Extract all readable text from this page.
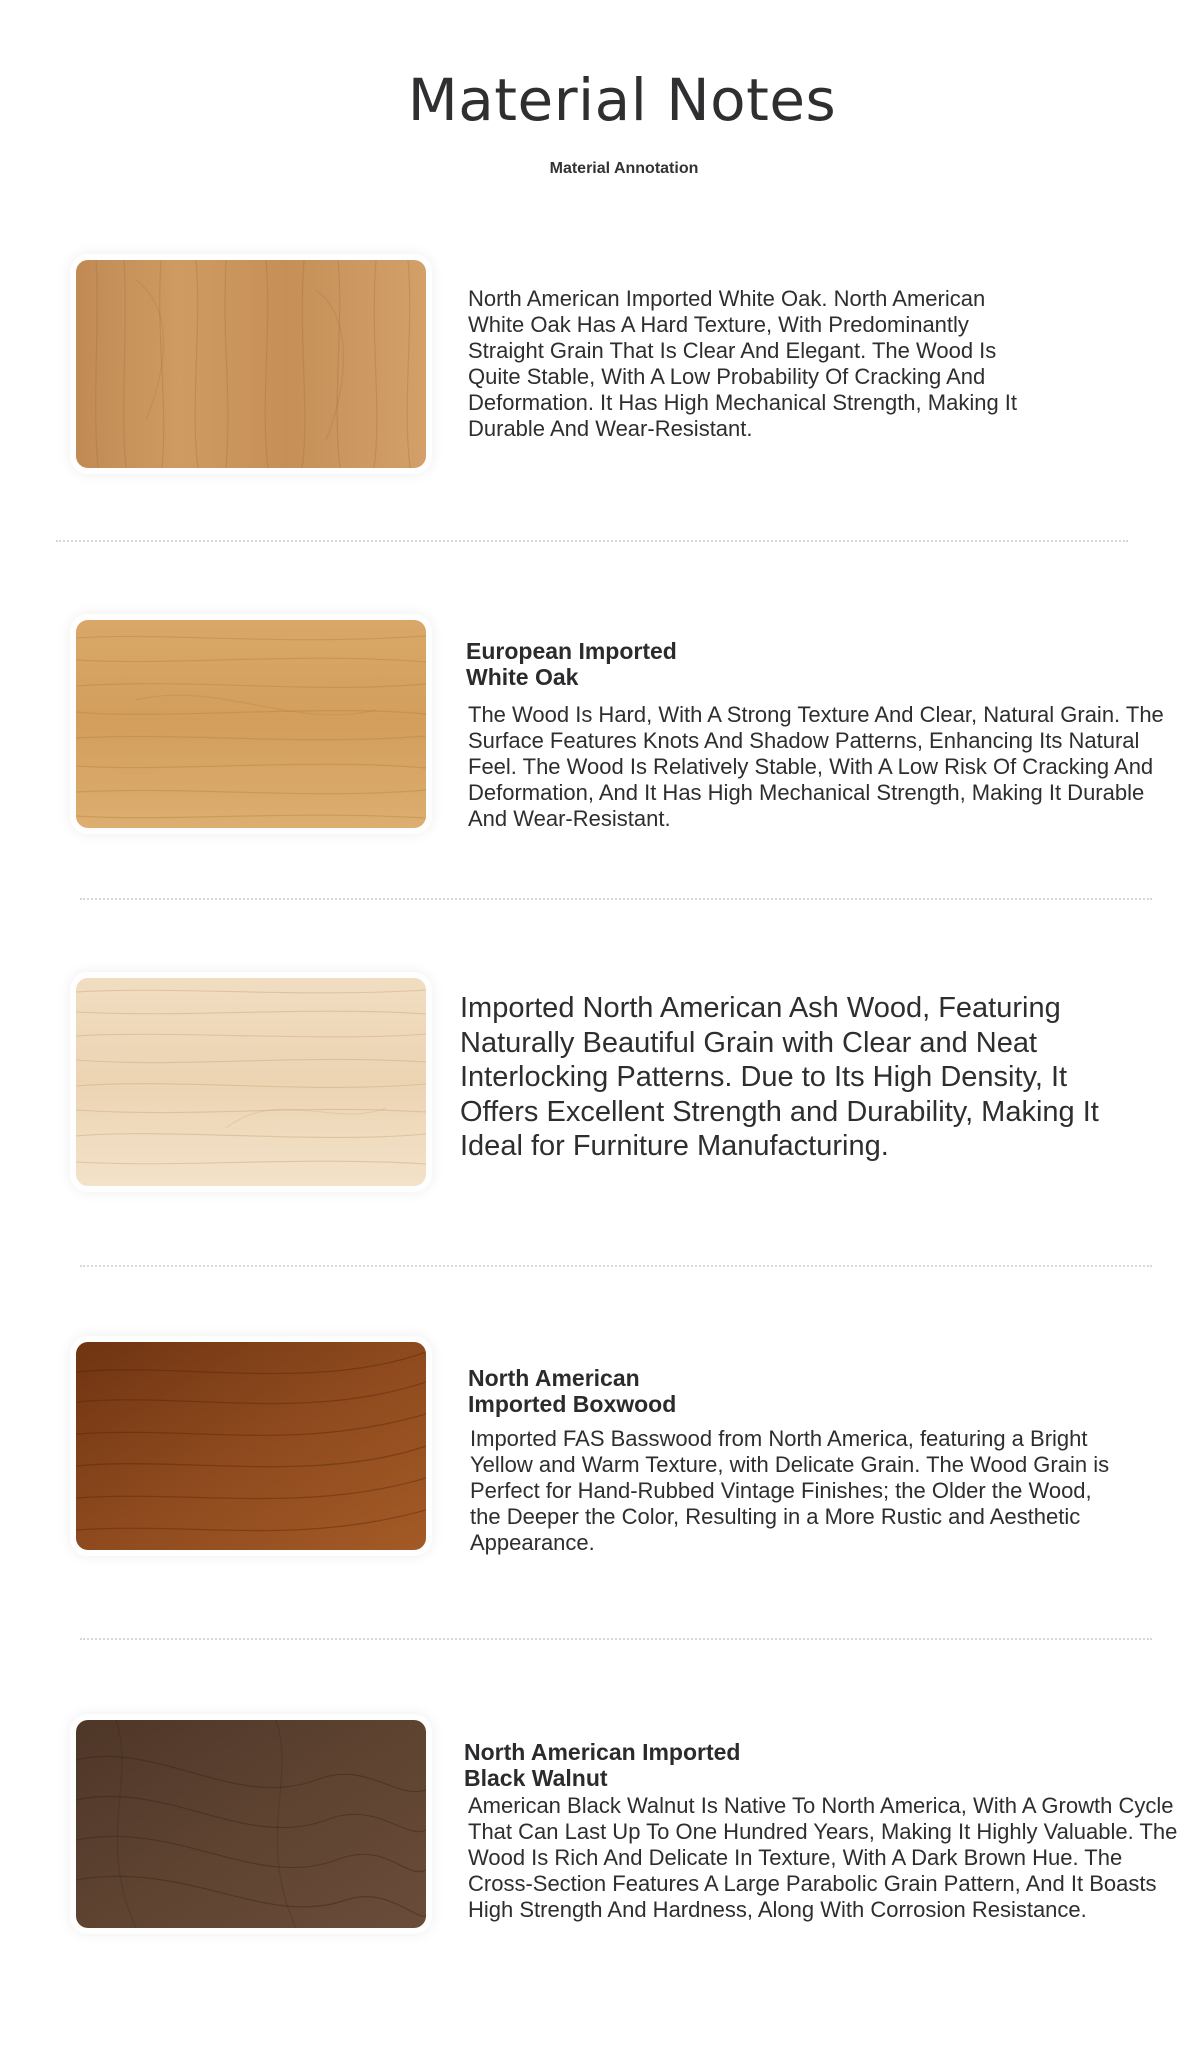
Material Notes
Material Annotation

North American Imported White Oak. North American White Oak Has A Hard Texture, With Predominantly Straight Grain That Is Clear And Elegant. The Wood Is Quite Stable, With A Low Probability Of Cracking And Deformation. It Has High Mechanical Strength, Making It Durable And Wear-Resistant.

European Imported
White Oak

The Wood Is Hard, With A Strong Texture And Clear, Natural Grain. The Surface Features Knots And Shadow Patterns, Enhancing Its Natural Feel. The Wood Is Relatively Stable, With A Low Risk Of Cracking And Deformation, And It Has High Mechanical Strength, Making It Durable And Wear-Resistant.

Imported North American Ash Wood, Featuring Naturally Beautiful Grain with Clear and Neat Interlocking Patterns. Due to Its High Density, It Offers Excellent Strength and Durability, Making It Ideal for Furniture Manufacturing.

North American
Imported Boxwood

Imported FAS Basswood from North America, featuring a Bright Yellow and Warm Texture, with Delicate Grain. The Wood Grain is Perfect for Hand-Rubbed Vintage Finishes; the Older the Wood, the Deeper the Color, Resulting in a More Rustic and Aesthetic Appearance.

North American Imported
Black Walnut

American Black Walnut Is Native To North America, With A Growth Cycle That Can Last Up To One Hundred Years, Making It Highly Valuable. The Wood Is Rich And Delicate In Texture, With A Dark Brown Hue. The Cross-Section Features A Large Parabolic Grain Pattern, And It Boasts High Strength And Hardness, Along With Corrosion Resistance.
